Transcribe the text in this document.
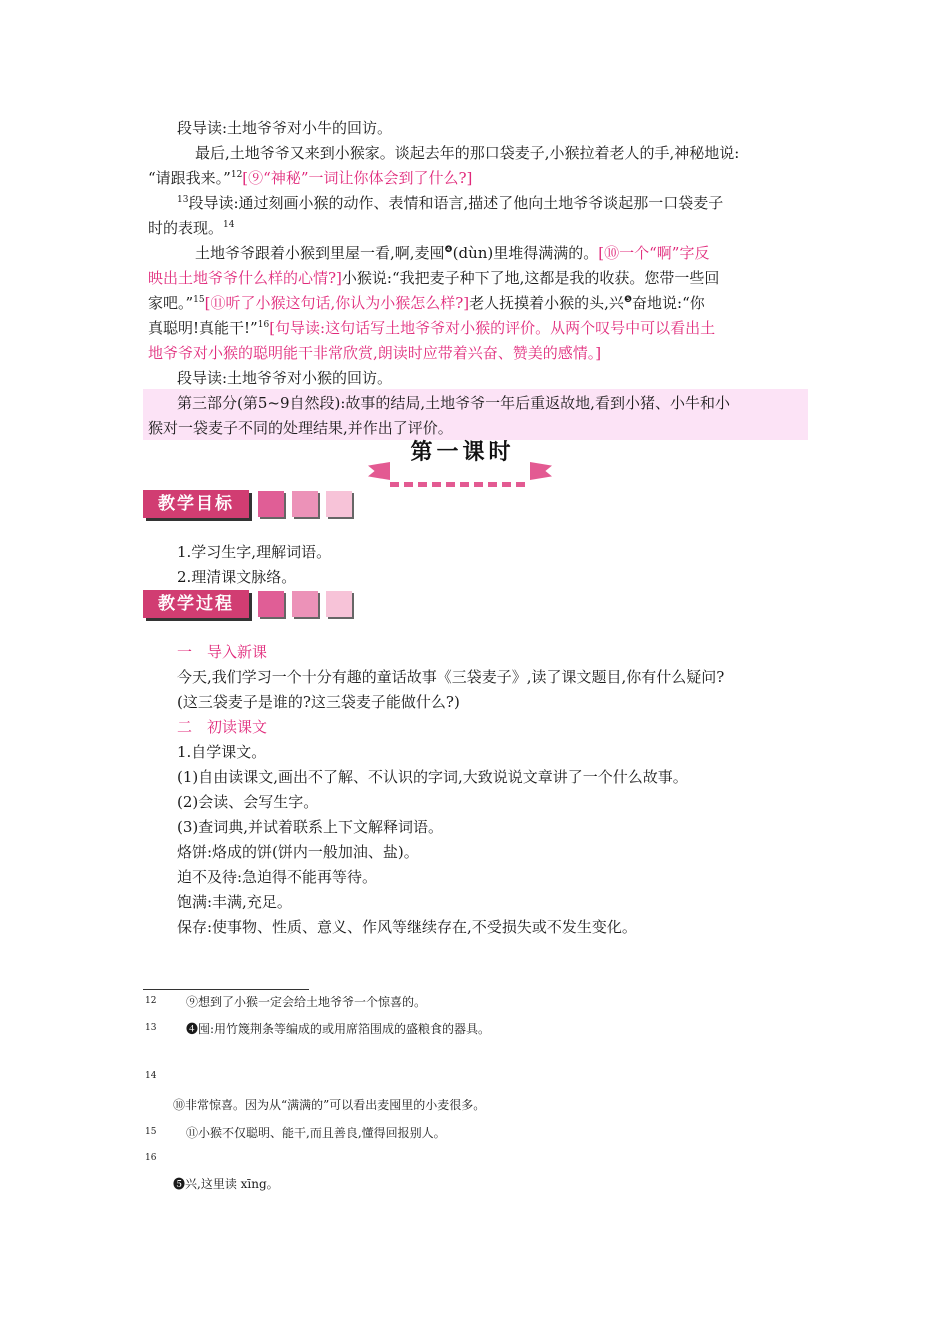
段导读:土地爷爷对小牛的回访。
最后,土地爷爷又来到小猴家。谈起去年的那口袋麦子,小猴拉着老人的手,神秘地说:
“请跟我来。”$^{12}$[⑨“神秘”一词让你体会到了什么?]
$^{13}$段导读:通过刻画小猴的动作、表情和语言,描述了他向土地爷爷谈起那一口袋麦子
时的表现。$^{14}$
土地爷爷跟着小猴到里屋一看,啊,麦囤$^❹$(dùn)里堆得满满的。[⑩一个“啊”字反
映出土地爷爷什么样的心情?]小猴说:“我把麦子种下了地,这都是我的收获。您带一些回
家吧。”$^{15}$[⑪听了小猴这句话,你认为小猴怎么样?]老人抚摸着小猴的头,兴$^❺$奋地说:“你
真聪明!真能干!”$^{16}$[句导读:这句话写土地爷爷对小猴的评价。从两个叹号中可以看出土
地爷爷对小猴的聪明能干非常欣赏,朗读时应带着兴奋、赞美的感情。]
段导读:土地爷爷对小猴的回访。
第三部分(第5~9自然段):故事的结局,土地爷爷一年后重返故地,看到小猪、小牛和小
猴对一袋麦子不同的处理结果,并作出了评价。
第一课时
教学目标
1.学习生字,理解词语。
2.理清课文脉络。
教学过程
一　导入新课
今天,我们学习一个十分有趣的童话故事《三袋麦子》,读了课文题目,你有什么疑问?
(这三袋麦子是谁的?这三袋麦子能做什么?)
二　初读课文
1.自学课文。
(1)自由读课文,画出不了解、不认识的字词,大致说说文章讲了一个什么故事。
(2)会读、会写生字。
(3)查词典,并试着联系上下文解释词语。
烙饼:烙成的饼(饼内一般加油、盐)。
迫不及待:急迫得不能再等待。
饱满:丰满,充足。
保存:使事物、性质、意义、作风等继续存在,不受损失或不发生变化。
12 ⑨想到了小猴一定会给土地爷爷一个惊喜的。
13 ❹囤:用竹篾荆条等编成的或用席箔围成的盛粮食的器具。
14
⑩非常惊喜。因为从“满满的”可以看出麦囤里的小麦很多。
15 ⑪小猴不仅聪明、能干,而且善良,懂得回报别人。
16
❺兴,这里读 xīng。
